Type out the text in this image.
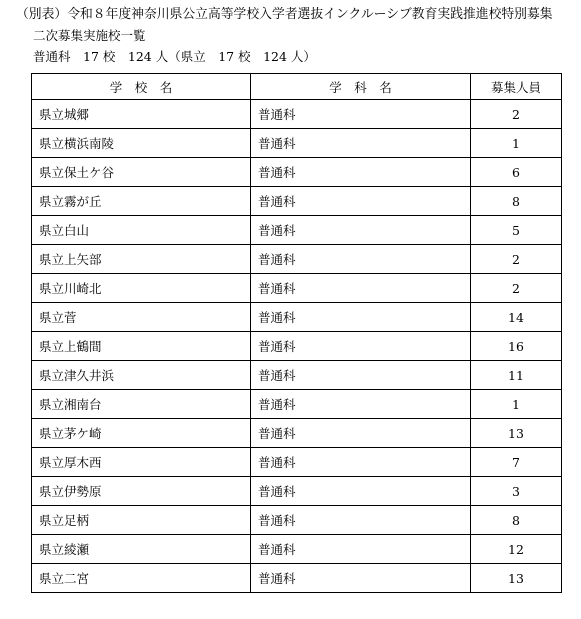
（別表）令和８年度神奈川県公立高等学校入学者選抜インクルーシブ教育実践推進校特別募集
二次募集実施校一覧
普通科　17 校　124 人（県立　17 校　124 人）
学　校　名	学　科　名	募集人員
県立城郷	普通科	2
県立横浜南陵	普通科	1
県立保土ケ谷	普通科	6
県立霧が丘	普通科	8
県立白山	普通科	5
県立上矢部	普通科	2
県立川崎北	普通科	2
県立菅	普通科	14
県立上鶴間	普通科	16
県立津久井浜	普通科	11
県立湘南台	普通科	1
県立茅ケ崎	普通科	13
県立厚木西	普通科	7
県立伊勢原	普通科	3
県立足柄	普通科	8
県立綾瀬	普通科	12
県立二宮	普通科	13
